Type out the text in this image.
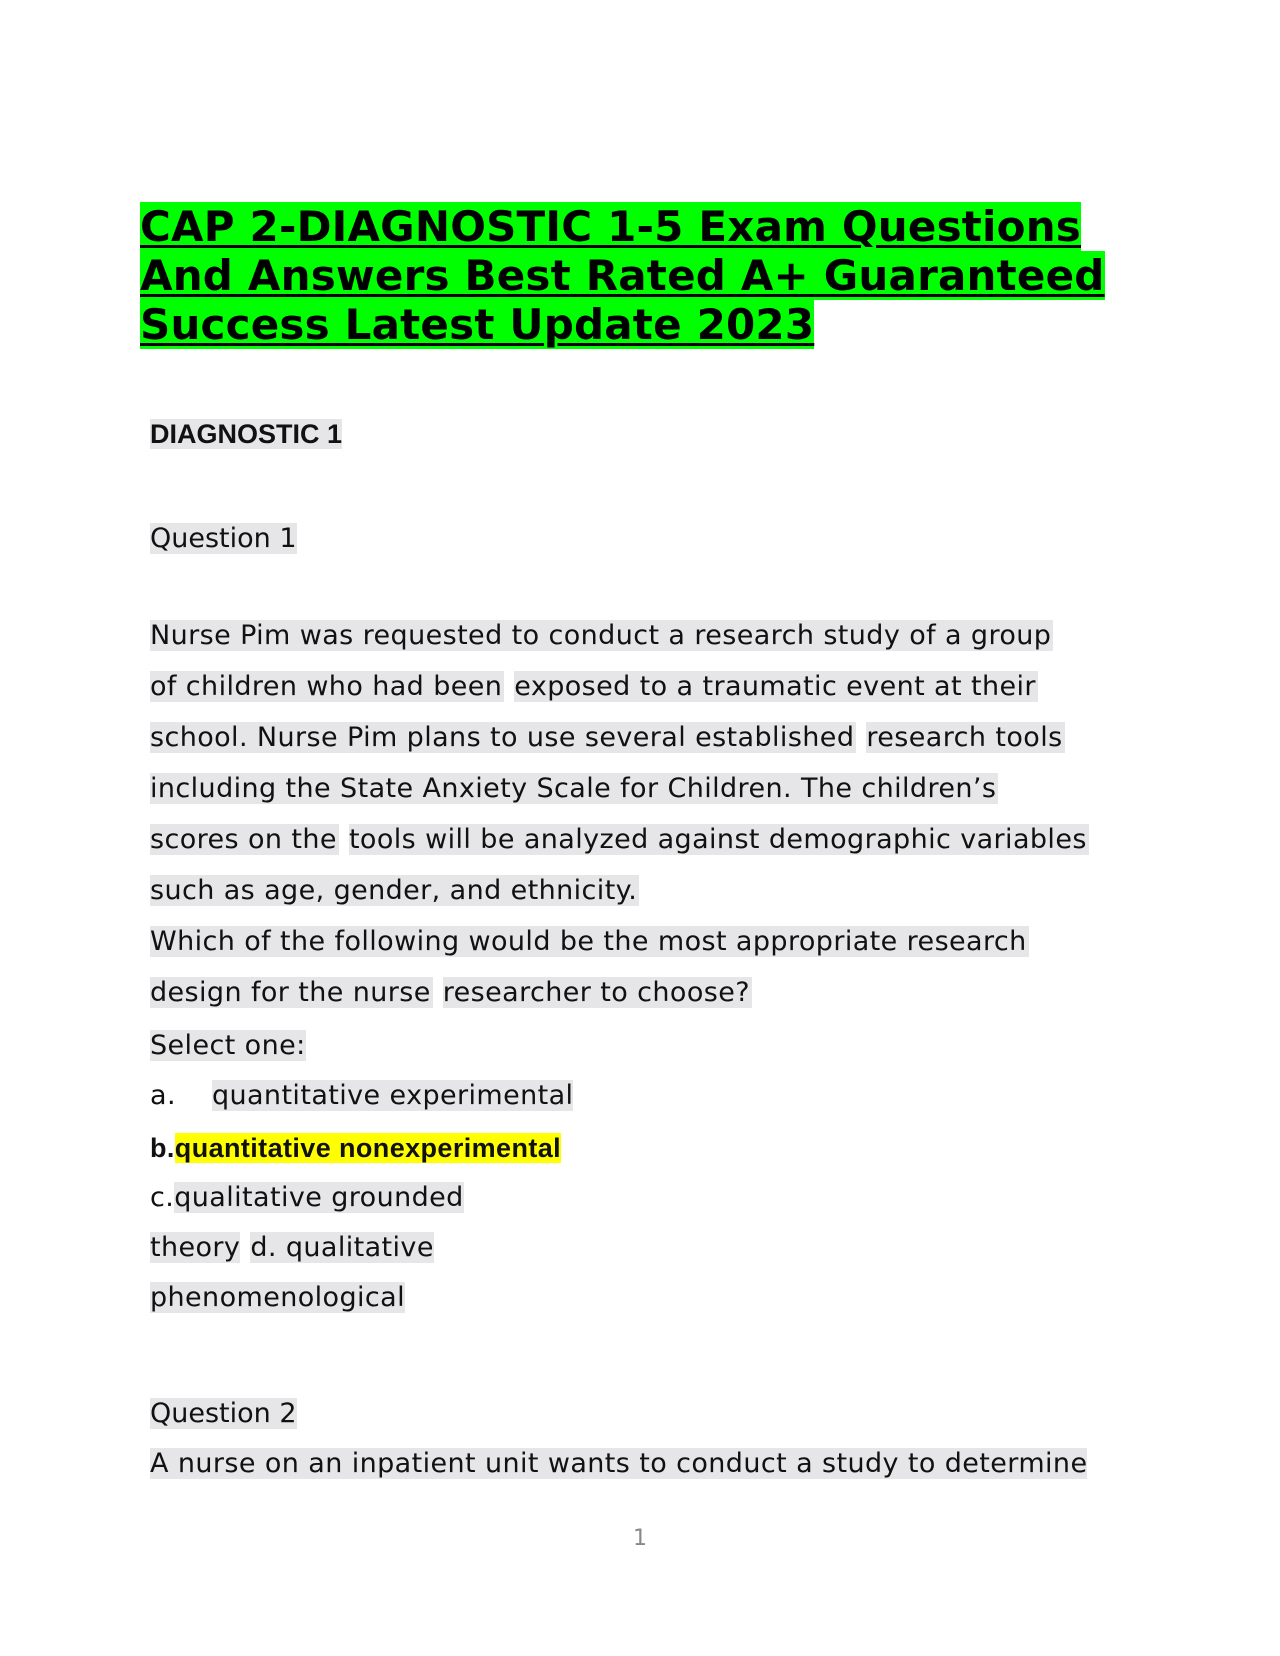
CAP 2-DIAGNOSTIC 1-5 Exam Questions
And Answers Best Rated A+ Guaranteed
Success Latest Update 2023

DIAGNOSTIC 1

Question 1

Nurse Pim was requested to conduct a research study of a group
of children who had been exposed to a traumatic event at their
school. Nurse Pim plans to use several established research tools
including the State Anxiety Scale for Children. The children’s
scores on the tools will be analyzed against demographic variables
such as age, gender, and ethnicity.
Which of the following would be the most appropriate research
design for the nurse researcher to choose?
Select one:
a. quantitative experimental
b.quantitative nonexperimental
c.qualitative grounded
theory d. qualitative
phenomenological

Question 2

A nurse on an inpatient unit wants to conduct a study to determine
1
